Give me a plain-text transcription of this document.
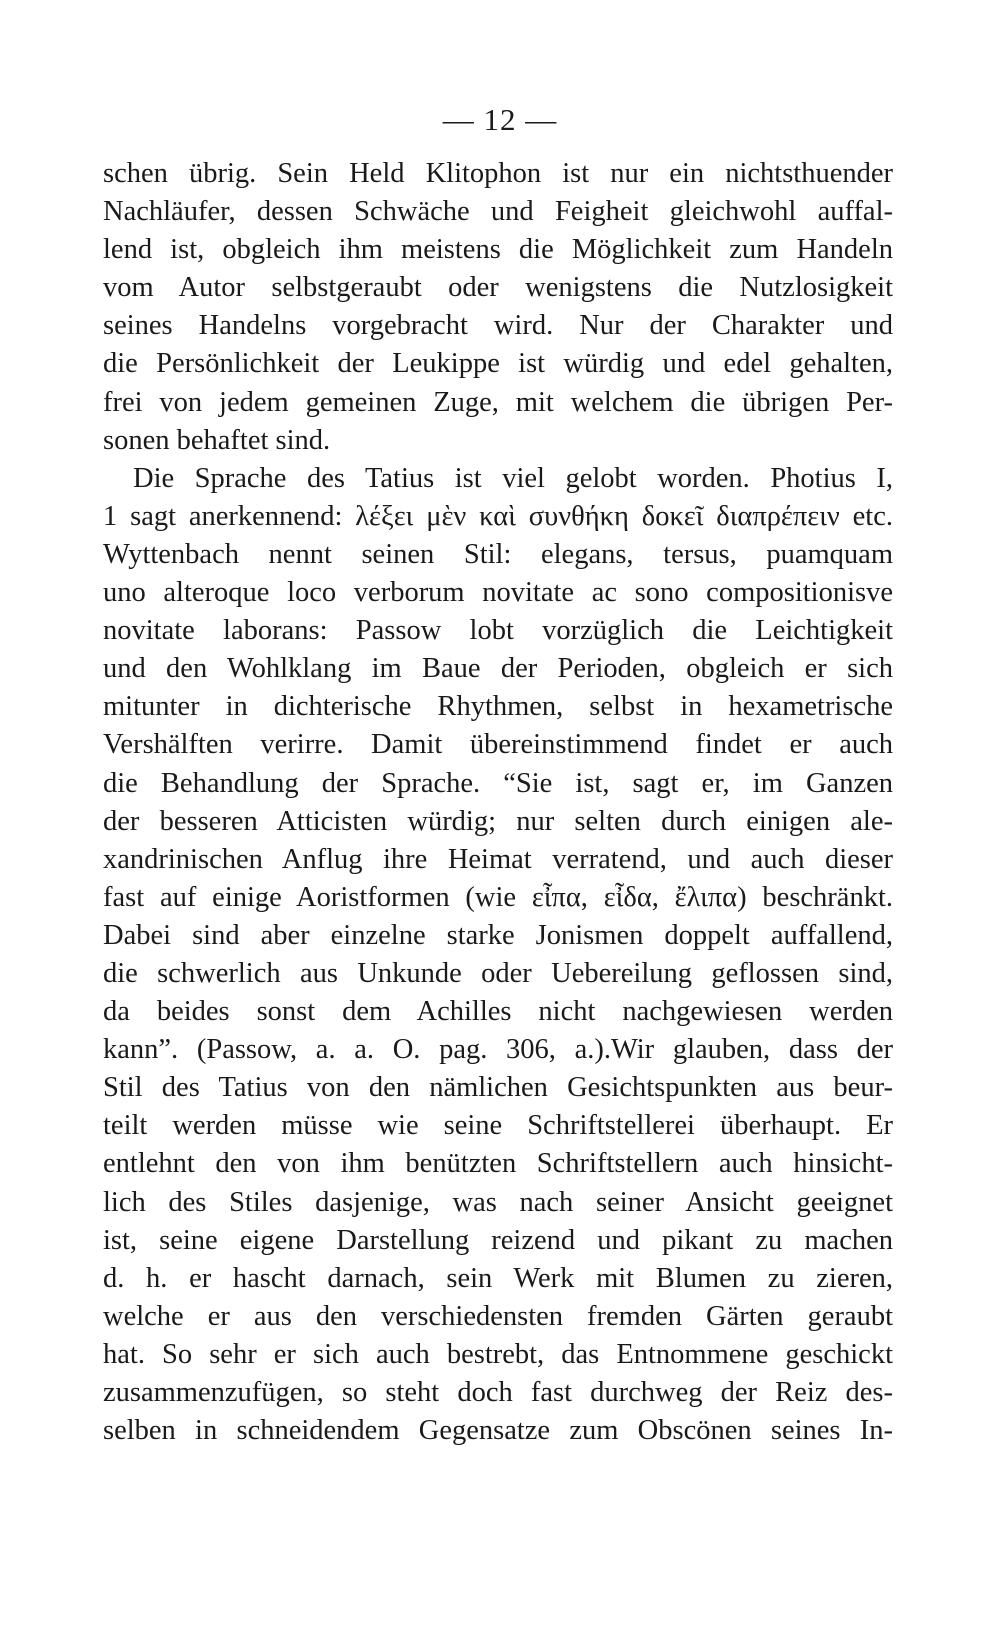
— 12 —
schen übrig. Sein Held Klitophon ist nur ein nichtsthuender
Nachläufer, dessen Schwäche und Feigheit gleichwohl auffal-
lend ist, obgleich ihm meistens die Möglichkeit zum Handeln
vom Autor selbstgeraubt oder wenigstens die Nutzlosigkeit
seines Handelns vorgebracht wird. Nur der Charakter und
die Persönlichkeit der Leukippe ist würdig und edel gehalten,
frei von jedem gemeinen Zuge, mit welchem die übrigen Per-
sonen behaftet sind.
Die Sprache des Tatius ist viel gelobt worden. Photius I,
1 sagt anerkennend: λέξει μὲν καὶ συνθήκη δοκεῖ διαπρέπειν etc.
Wyttenbach nennt seinen Stil: elegans, tersus, puamquam
uno alteroque loco verborum novitate ac sono compositionisve
novitate laborans: Passow lobt vorzüglich die Leichtigkeit
und den Wohlklang im Baue der Perioden, obgleich er sich
mitunter in dichterische Rhythmen, selbst in hexametrische
Vershälften verirre. Damit übereinstimmend findet er auch
die Behandlung der Sprache. “Sie ist, sagt er, im Ganzen
der besseren Atticisten würdig; nur selten durch einigen ale-
xandrinischen Anflug ihre Heimat verratend, und auch dieser
fast auf einige Aoristformen (wie εἶπα, εἶδα, ἔλιπα) beschränkt.
Dabei sind aber einzelne starke Jonismen doppelt auffallend,
die schwerlich aus Unkunde oder Uebereilung geflossen sind,
da beides sonst dem Achilles nicht nachgewiesen werden
kann”. (Passow, a. a. O. pag. 306, a.).Wir glauben, dass der
Stil des Tatius von den nämlichen Gesichtspunkten aus beur-
teilt werden müsse wie seine Schriftstellerei überhaupt. Er
entlehnt den von ihm benützten Schriftstellern auch hinsicht-
lich des Stiles dasjenige, was nach seiner Ansicht geeignet
ist, seine eigene Darstellung reizend und pikant zu machen
d. h. er hascht darnach, sein Werk mit Blumen zu zieren,
welche er aus den verschiedensten fremden Gärten geraubt
hat. So sehr er sich auch bestrebt, das Entnommene geschickt
zusammenzufügen, so steht doch fast durchweg der Reiz des-
selben in schneidendem Gegensatze zum Obscönen seines In-
